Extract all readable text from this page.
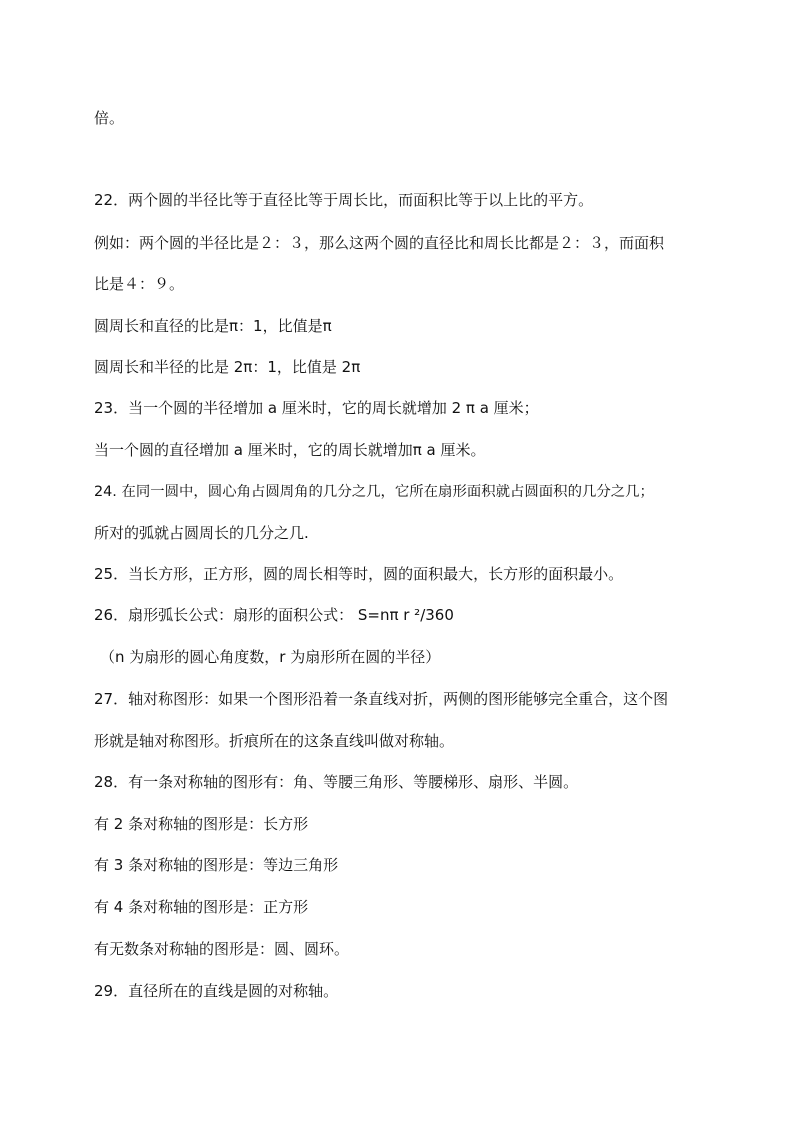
倍。
22．两个圆的半径比等于直径比等于周长比，而面积比等于以上比的平方。
例如：两个圆的半径比是２：３，那么这两个圆的直径比和周长比都是２：３，而面积
比是４：９。
圆周长和直径的比是π：1，比值是π
圆周长和半径的比是 2π：1，比值是 2π
23．当一个圆的半径增加 a 厘米时，它的周长就增加 2 π a 厘米；
当一个圆的直径增加 a 厘米时，它的周长就增加π a 厘米。
24. 在同一圆中，圆心角占圆周角的几分之几，它所在扇形面积就占圆面积的几分之几；
所对的弧就占圆周长的几分之几.
25．当长方形，正方形，圆的周长相等时，圆的面积最大，长方形的面积最小。
26．扇形弧长公式：扇形的面积公式： S=nπ r ²/360
（n 为扇形的圆心角度数，r 为扇形所在圆的半径）
27．轴对称图形：如果一个图形沿着一条直线对折，两侧的图形能够完全重合，这个图
形就是轴对称图形。折痕所在的这条直线叫做对称轴。
28．有一条对称轴的图形有：角、等腰三角形、等腰梯形、扇形、半圆。
有 2 条对称轴的图形是：长方形
有 3 条对称轴的图形是：等边三角形
有 4 条对称轴的图形是：正方形
有无数条对称轴的图形是：圆、圆环。
29．直径所在的直线是圆的对称轴。
